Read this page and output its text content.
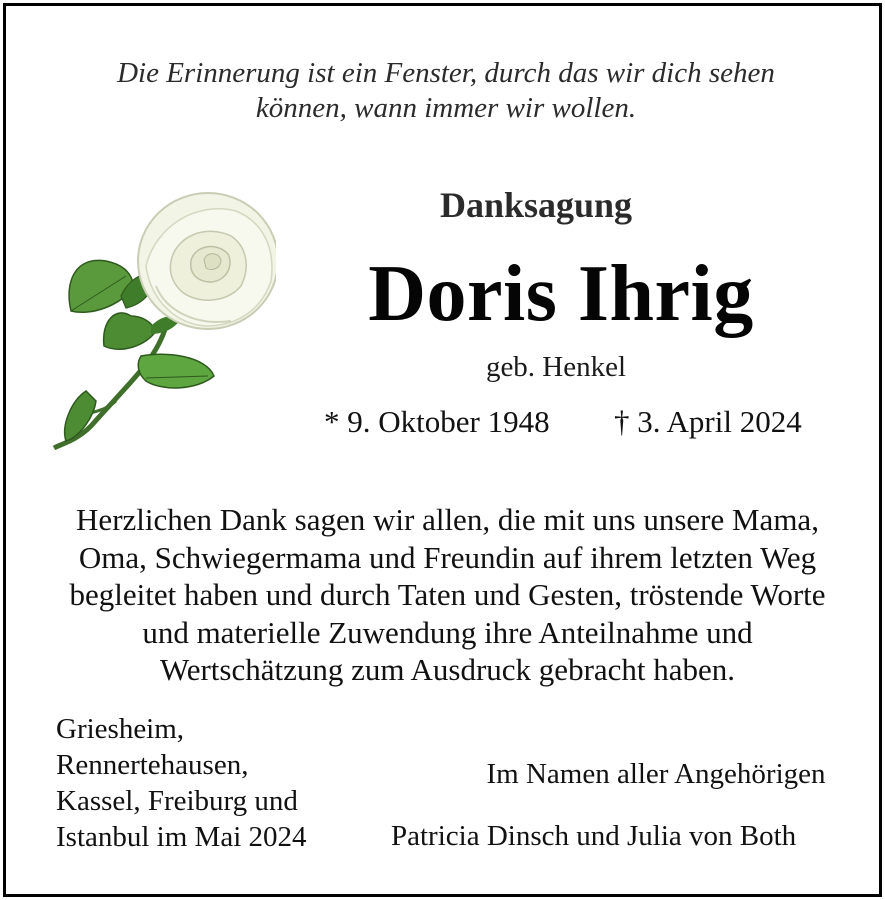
Die Erinnerung ist ein Fenster, durch das wir dich sehen
können, wann immer wir wollen.
Danksagung
Doris Ihrig
geb. Henkel
* 9. Oktober 1948 † 3. April 2024
Herzlichen Dank sagen wir allen, die mit uns unsere Mama,
Oma, Schwiegermama und Freundin auf ihrem letzten Weg
begleitet haben und durch Taten und Gesten, tröstende Worte
und materielle Zuwendung ihre Anteilnahme und
Wertschätzung zum Ausdruck gebracht haben.
Griesheim,
Rennertehausen,
Kassel, Freiburg und
Istanbul im Mai 2024
Im Namen aller Angehörigen
Patricia Dinsch und Julia von Both
